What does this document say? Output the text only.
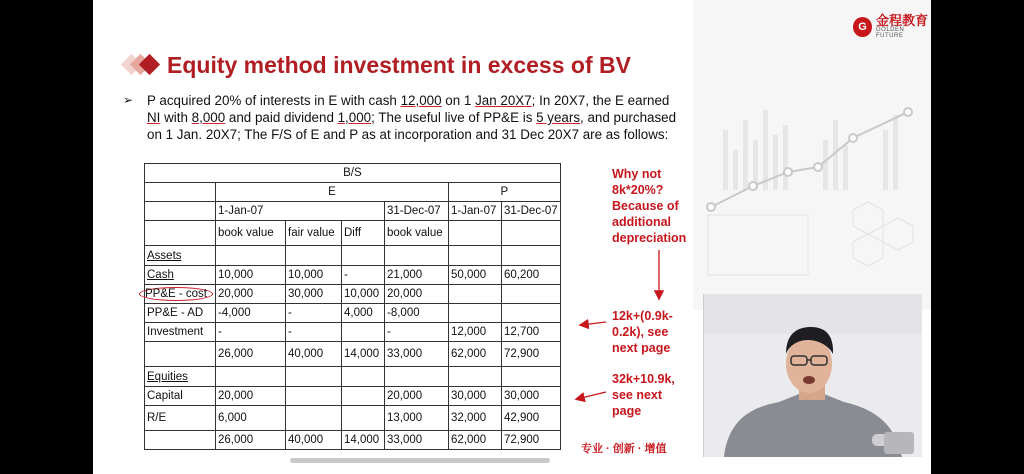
G 金程教育
GOLDEN FUTURE
Equity method investment in excess of BV
➢ P acquired 20% of interests in E with cash 12,000 on 1 Jan 20X7; In 20X7, the E earned NI with 8,000 and paid dividend 1,000; The useful live of PP&E is 5 years, and purchased on 1 Jan. 20X7; The F/S of E and P as at incorporation and 31 Dec 20X7 are as follows:
B/S						
	E				P	
	1-Jan-07			31-Dec-07	1-Jan-07	31-Dec-07
	book value	fair value	Diff	book value		
Assets						
Cash	10,000	10,000	-	21,000	50,000	60,200
PP&E - cost	20,000	30,000	10,000	20,000		
PP&E - AD	-4,000	-	4,000	-8,000		
Investment	-	-		-	12,000	12,700
	26,000	40,000	14,000	33,000	62,000	72,900
Equities						
Capital	20,000			20,000	30,000	30,000
R/E	6,000			13,000	32,000	42,900
	26,000	40,000	14,000	33,000	62,000	72,900
Why not 8k*20%? Because of additional depreciation
12k+(0.9k-0.2k), see next page
32k+10.9k, see next page
专业 · 创新 · 增值
